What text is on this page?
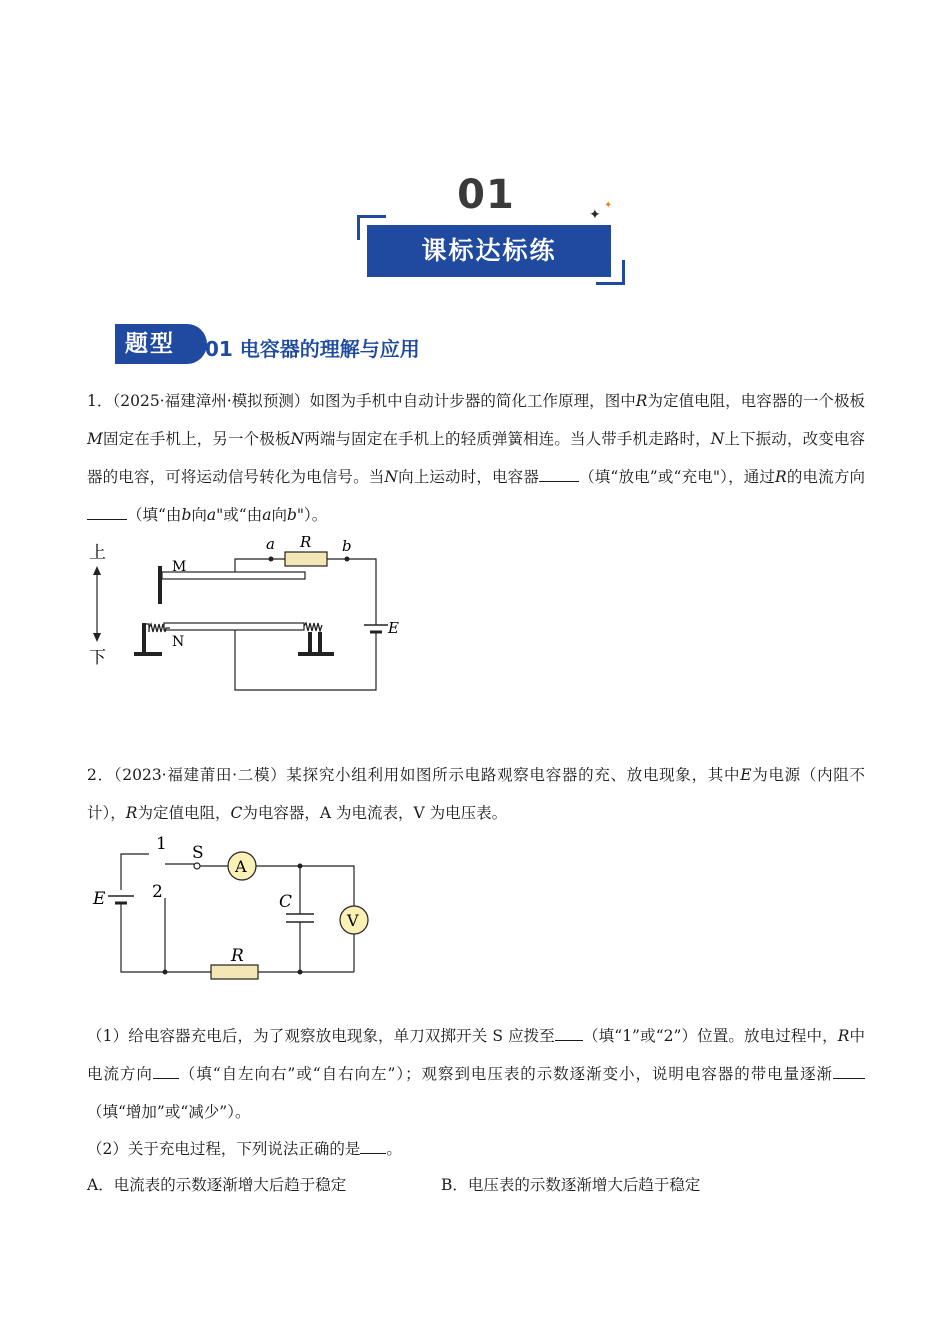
01	✦
✦
课标达标练
题型	01 电容器的理解与应用
1．（2025·福建漳州·模拟预测）如图为手机中自动计步器的简化工作原理，图中R为定值电阻，电容器的一个极板M固定在手机上，另一个极板N两端与固定在手机上的轻质弹簧相连。当人带手机走路时，N上下振动，改变电容器的电容，可将运动信号转化为电信号。当N向上运动时，电容器	（填“放电”或“充电"），通过R的电流方向（填“由b向a"或“由a向b"）。
上
下
M
N
a R b
E
2．（2023·福建莆田·二模）某探究小组利用如图所示电路观察电容器的充、放电现象，其中E为电源（内阻不计），R为定值电阻，C为电容器，A 为电流表，V 为电压表。
1
2
S
A
V
C
E
R
（1）给电容器充电后，为了观察放电现象，单刀双掷开关 S 应拨至 （填“1”或“2”）位置。放电过程中，R中电流方向 （填“自左向右”或“自右向左”）；观察到电压表的示数逐渐变小，说明电容器的带电量逐渐（填“增加”或“减少”）。
（2）关于充电过程，下列说法正确的是 。
A．电流表的示数逐渐增大后趋于稳定	B．电压表的示数逐渐增大后趋于稳定
